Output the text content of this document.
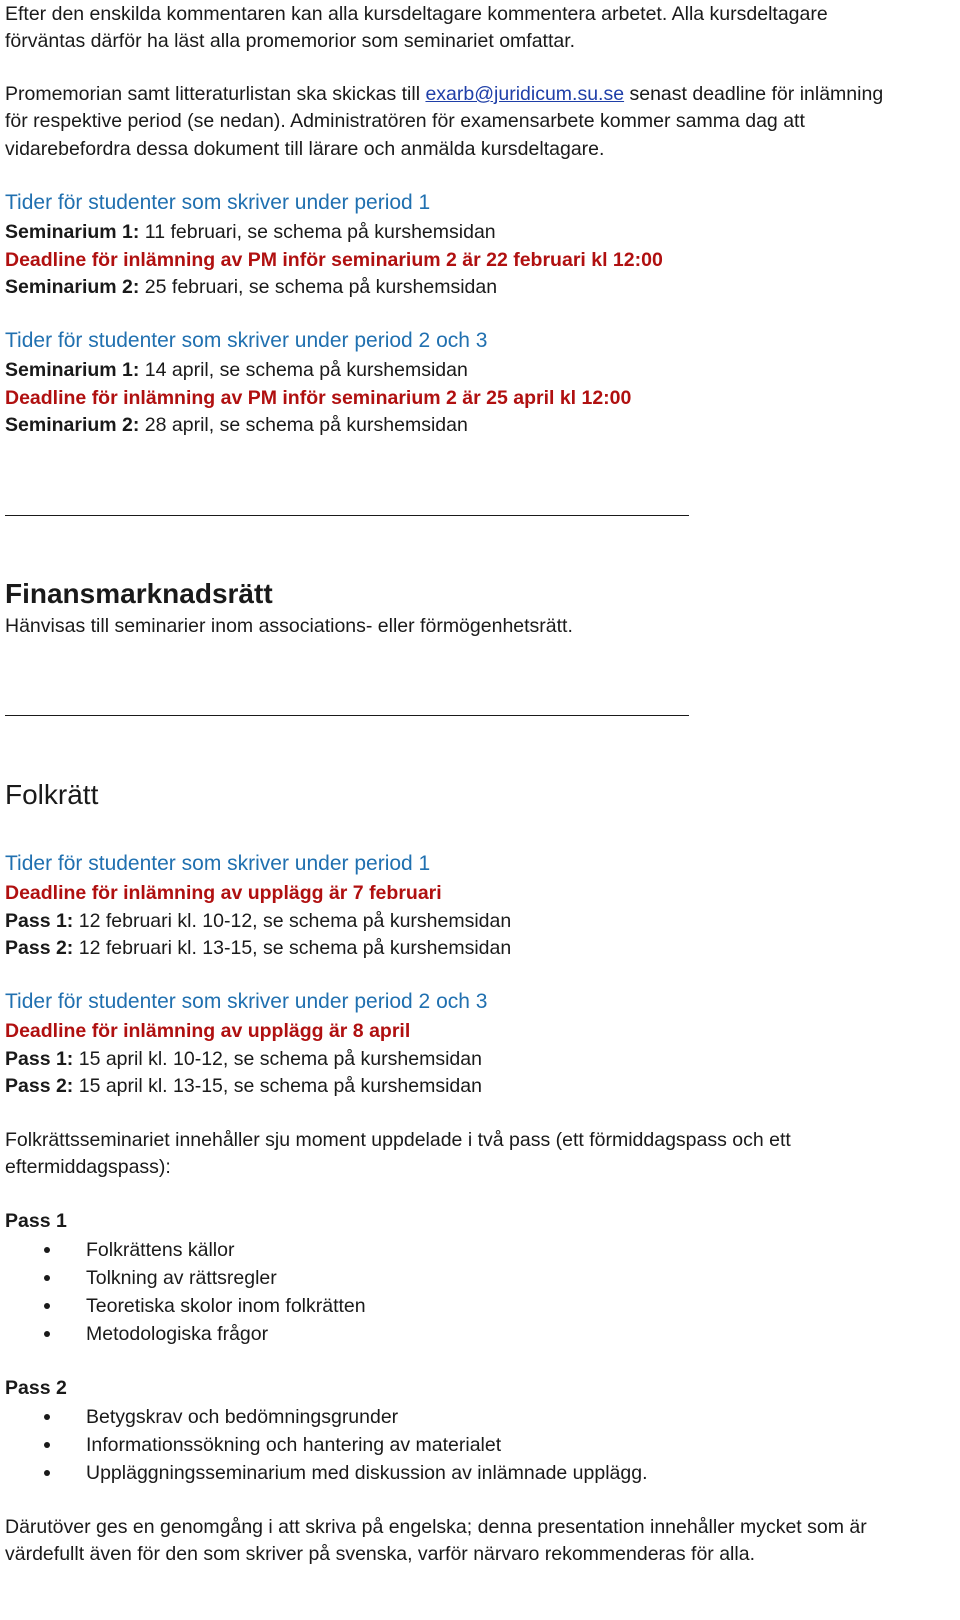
Efter den enskilda kommentaren kan alla kursdeltagare kommentera arbetet. Alla kursdeltagare
förväntas därför ha läst alla promemorior som seminariet omfattar.
Promemorian samt litteraturlistan ska skickas till exarb@juridicum.su.se senast deadline för inlämning
för respektive period (se nedan). Administratören för examensarbete kommer samma dag att
vidarebefordra dessa dokument till lärare och anmälda kursdeltagare.
Tider för studenter som skriver under period 1
Seminarium 1: 11 februari, se schema på kurshemsidan
Deadline för inlämning av PM inför seminarium 2 är 22 februari kl 12:00
Seminarium 2: 25 februari, se schema på kurshemsidan
Tider för studenter som skriver under period 2 och 3
Seminarium 1: 14 april, se schema på kurshemsidan
Deadline för inlämning av PM inför seminarium 2 är 25 april kl 12:00
Seminarium 2: 28 april, se schema på kurshemsidan
Finansmarknadsrätt
Hänvisas till seminarier inom associations- eller förmögenhetsrätt.
Folkrätt
Tider för studenter som skriver under period 1
Deadline för inlämning av upplägg är 7 februari
Pass 1: 12 februari kl. 10-12, se schema på kurshemsidan
Pass 2: 12 februari kl. 13-15, se schema på kurshemsidan
Tider för studenter som skriver under period 2 och 3
Deadline för inlämning av upplägg är 8 april
Pass 1: 15 april kl. 10-12, se schema på kurshemsidan
Pass 2: 15 april kl. 13-15, se schema på kurshemsidan
Folkrättsseminariet innehåller sju moment uppdelade i två pass (ett förmiddagspass och ett
eftermiddagspass):
Pass 1
Folkrättens källor
Tolkning av rättsregler
Teoretiska skolor inom folkrätten
Metodologiska frågor
Pass 2
Betygskrav och bedömningsgrunder
Informationssökning och hantering av materialet
Uppläggningsseminarium med diskussion av inlämnade upplägg.
Därutöver ges en genomgång i att skriva på engelska; denna presentation innehåller mycket som är
värdefullt även för den som skriver på svenska, varför närvaro rekommenderas för alla.
